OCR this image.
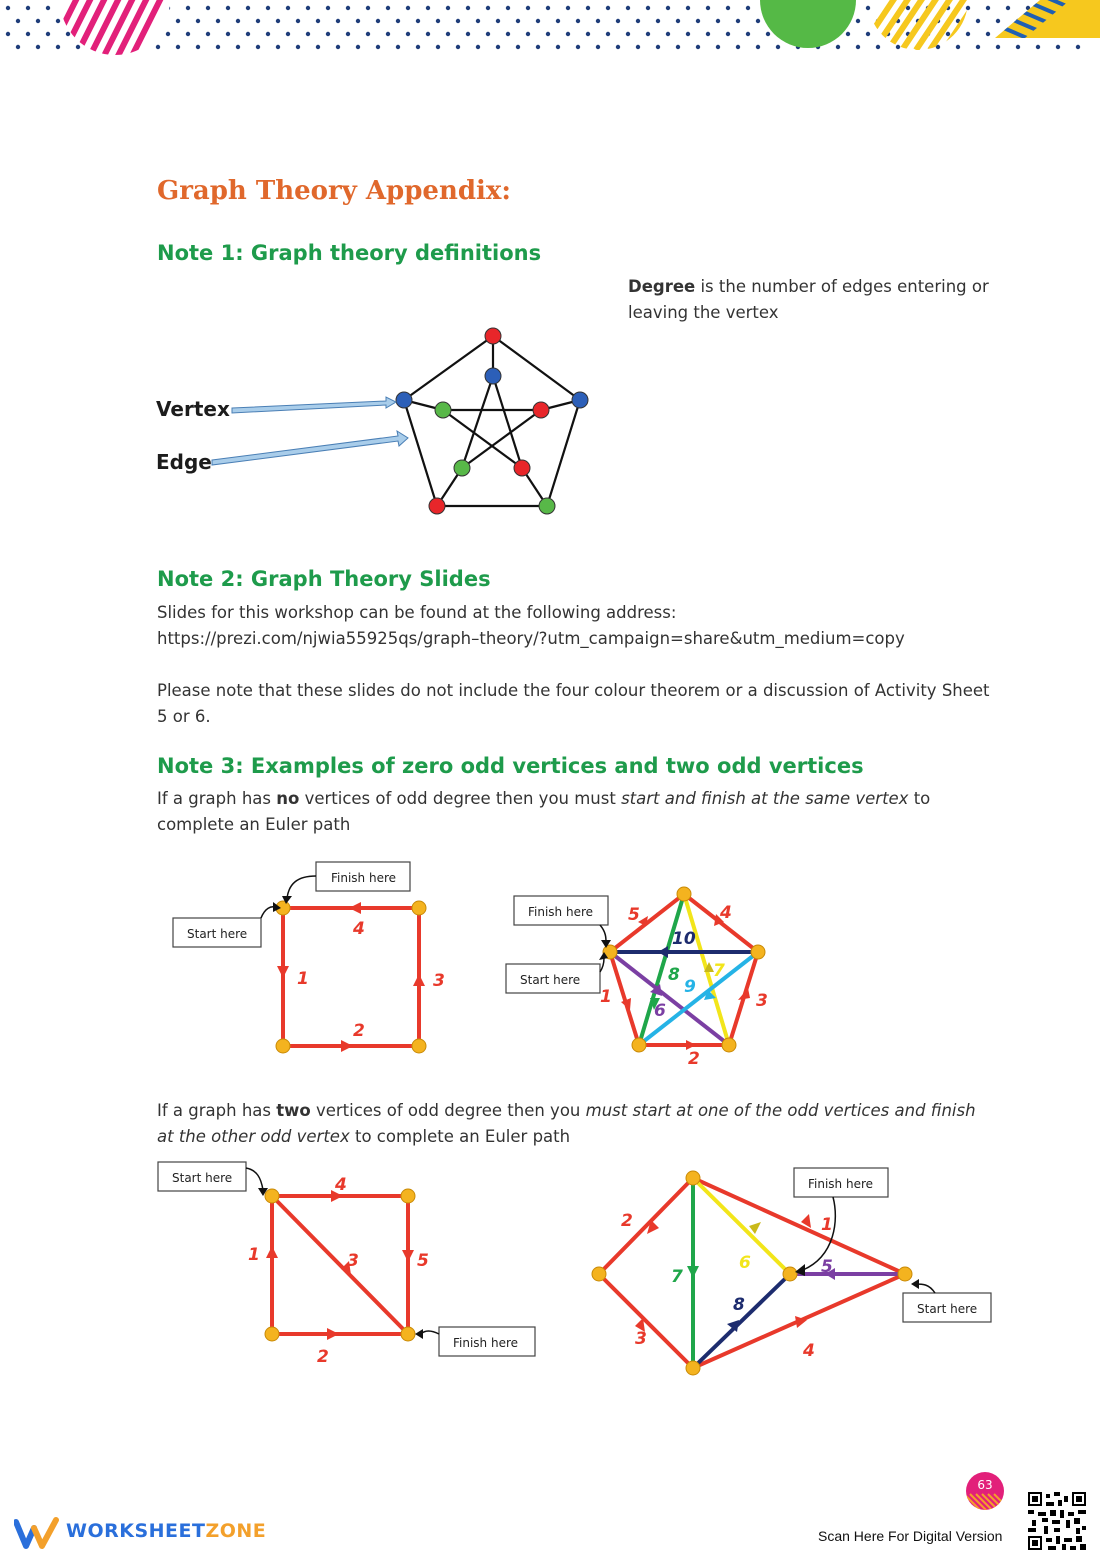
Graph Theory Appendix:
Note 1: Graph theory definitions

Degree is the number of edges entering or leaving the vertex

Vertex
Edge
Note 2: Graph Theory Slides

Slides for this workshop can be found at the following address:

https://prezi.com/njwia55925qs/graph–theory/?utm_campaign=share&utm_medium=copy

Please note that these slides do not include the four colour theorem or a discussion of Activity Sheet 5 or 6.

Note 3: Examples of zero odd vertices and two odd vertices

If a graph has no vertices of odd degree then you must start and finish at the same vertex to complete an Euler path

1
2
3
4
Finish here
Start here
1
2
3
4
5
6
7
8
9
10
Finish here
Start here

If a graph has two vertices of odd degree then you must start at one of the odd vertices and finish at the other odd vertex to complete an Euler path

1
2
3
4
5
Start here
Finish here
2
3
4
1
5
6
7
8
Finish here
Start here

WORKSHEETZONE

63

Scan Here For Digital Version
